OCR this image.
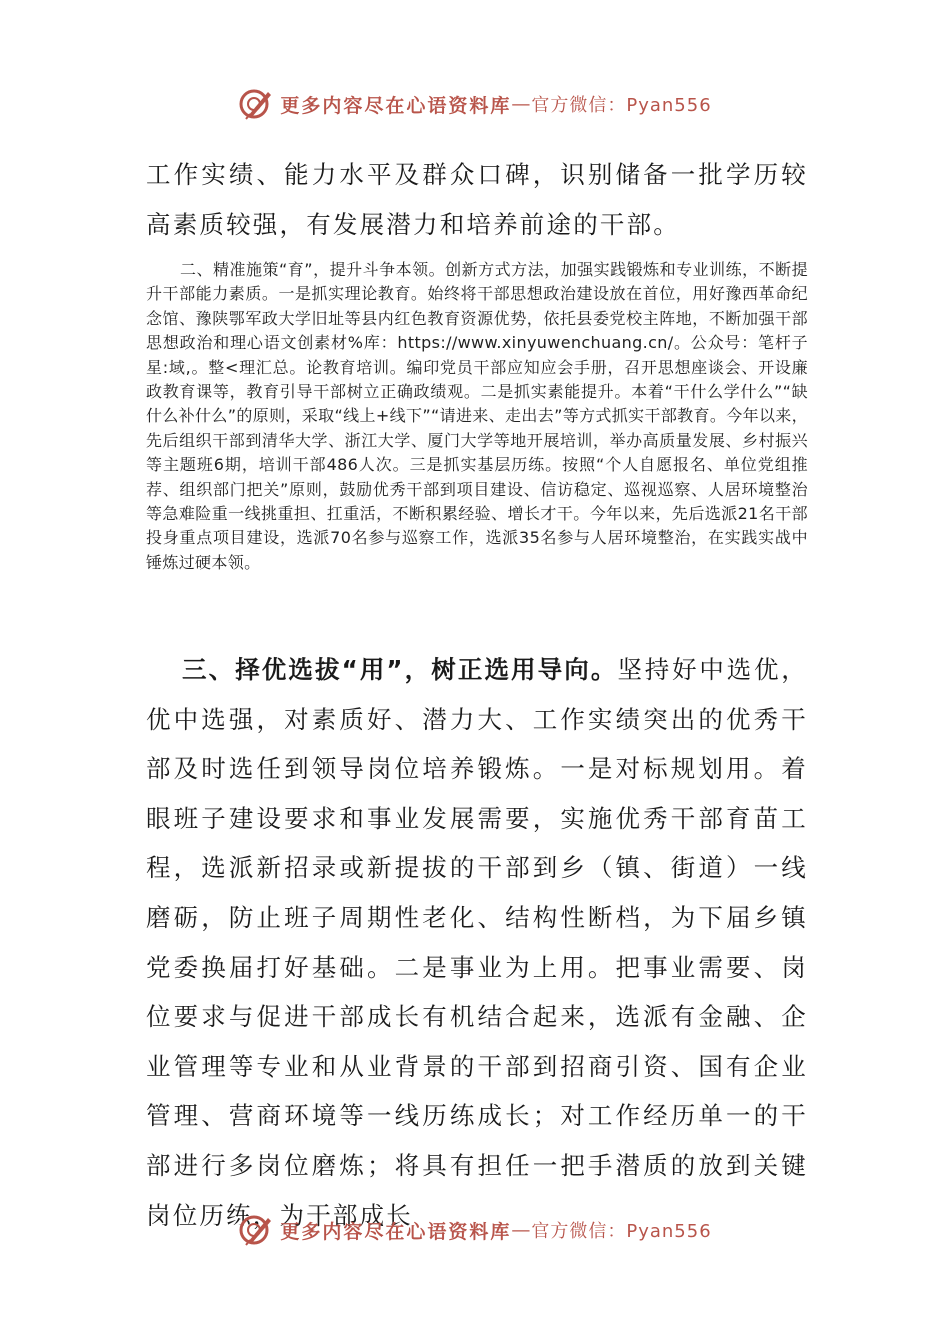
更多内容尽在心语资料库 — 官方微信：Pyan556

工作实绩、能力水平及群众口碑，识别储备一批学历较高素质较强，有发展潜力和培养前途的干部。

二、精准施策“育”，提升斗争本领。创新方式方法，加强实践锻炼和专业训练，不断提升干部能力素质。一是抓实理论教育。始终将干部思想政治建设放在首位，用好豫西革命纪念馆、豫陕鄂军政大学旧址等县内红色教育资源优势，依托县委党校主阵地，不断加强干部思想政治和理心语文创素材%库：https://www.xinyuwenchuang.cn/。公众号：笔杆子星:域,。整<理汇总。论教育培训。编印党员干部应知应会手册，召开思想座谈会、开设廉政教育课等，教育引导干部树立正确政绩观。二是抓实素能提升。本着“干什么学什么”“缺什么补什么”的原则，采取“线上+线下”“请进来、走出去”等方式抓实干部教育。今年以来，先后组织干部到清华大学、浙江大学、厦门大学等地开展培训，举办高质量发展、乡村振兴等主题班6期，培训干部486人次。三是抓实基层历练。按照“个人自愿报名、单位党组推荐、组织部门把关”原则，鼓励优秀干部到项目建设、信访稳定、巡视巡察、人居环境整治等急难险重一线挑重担、扛重活，不断积累经验、增长才干。今年以来，先后选派21名干部投身重点项目建设，选派70名参与巡察工作，选派35名参与人居环境整治，在实践实战中锤炼过硬本领。

三、择优选拔“用”，树正选用导向。坚持好中选优，优中选强，对素质好、潜力大、工作实绩突出的优秀干部及时选任到领导岗位培养锻炼。一是对标规划用。着眼班子建设要求和事业发展需要，实施优秀干部育苗工程，选派新招录或新提拔的干部到乡（镇、街道）一线磨砺，防止班子周期性老化、结构性断档，为下届乡镇党委换届打好基础。二是事业为上用。把事业需要、岗位要求与促进干部成长有机结合起来，选派有金融、企业管理等专业和从业背景的干部到招商引资、国有企业管理、营商环境等一线历练成长；对工作经历单一的干部进行多岗位磨炼；将具有担任一把手潜质的放到关键岗位历练，为干部成长

更多内容尽在心语资料库 — 官方微信：Pyan556
